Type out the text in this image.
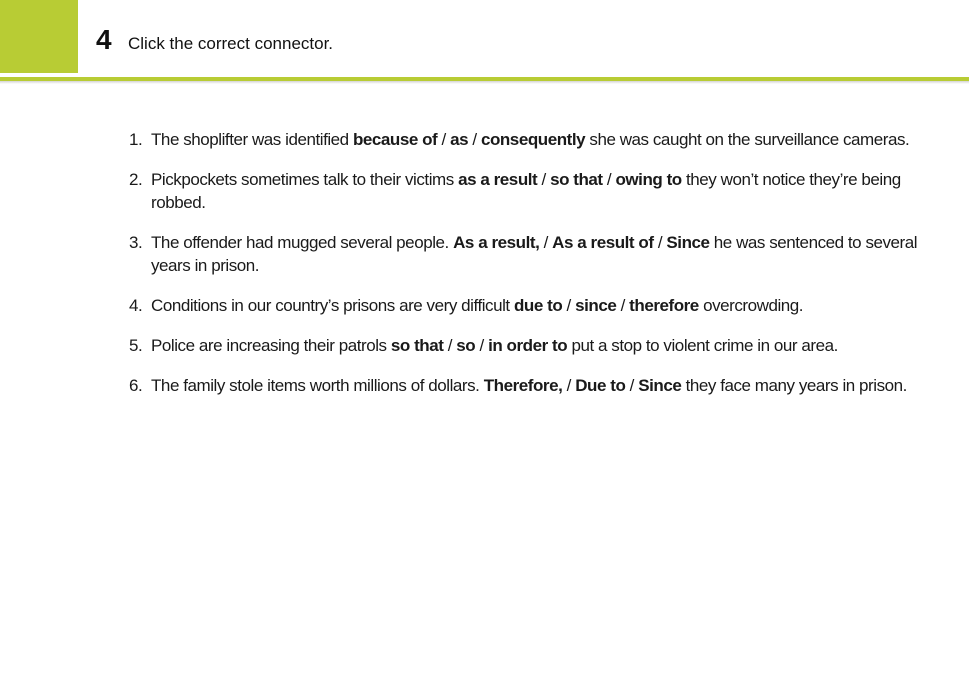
4 Click the correct connector.
1. The shoplifter was identified because of / as / consequently she was caught on the surveillance cameras.
2. Pickpockets sometimes talk to their victims as a result / so that / owing to they won’t notice they’re being robbed.
3. The offender had mugged several people. As a result, / As a result of / Since he was sentenced to several years in prison.
4. Conditions in our country’s prisons are very difficult due to / since / therefore overcrowding.
5. Police are increasing their patrols so that / so / in order to put a stop to violent crime in our area.
6. The family stole items worth millions of dollars. Therefore, / Due to / Since they face many years in prison.
